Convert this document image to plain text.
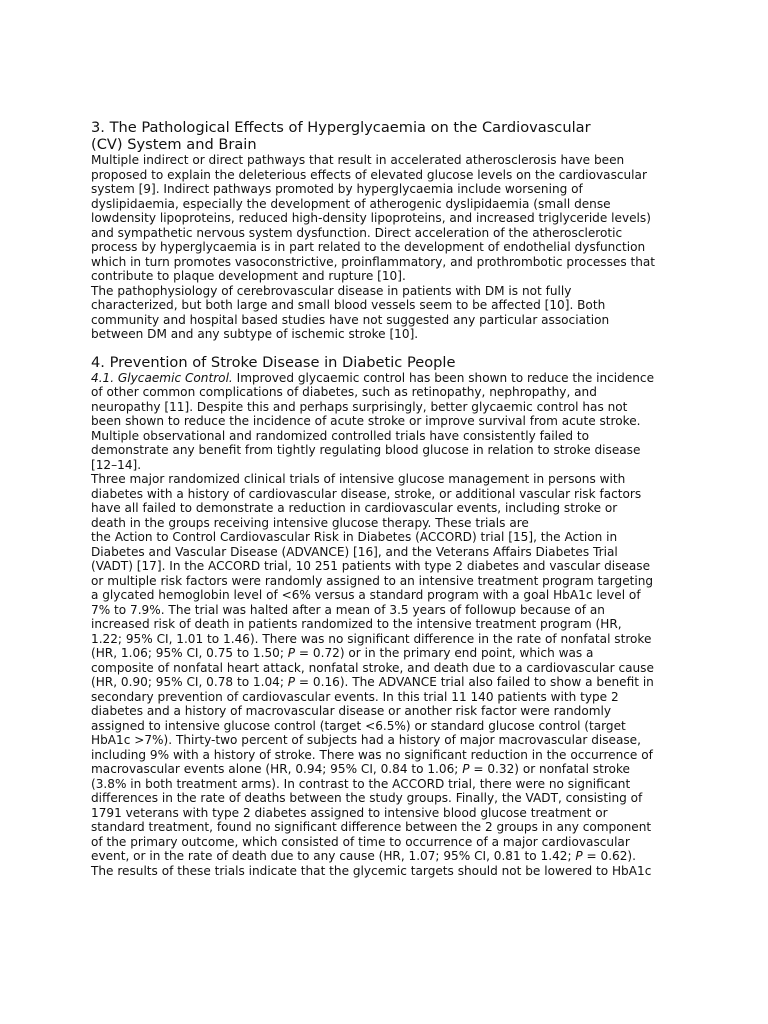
3. The Pathological Effects of Hyperglycaemia on the Cardiovascular
(CV) System and Brain

Multiple indirect or direct pathways that result in accelerated atherosclerosis have been
proposed to explain the deleterious effects of elevated glucose levels on the cardiovascular
system [9]. Indirect pathways promoted by hyperglycaemia include worsening of
dyslipidaemia, especially the development of atherogenic dyslipidaemia (small dense
lowdensity lipoproteins, reduced high-density lipoproteins, and increased triglyceride levels)
and sympathetic nervous system dysfunction. Direct acceleration of the atherosclerotic
process by hyperglycaemia is in part related to the development of endothelial dysfunction
which in turn promotes vasoconstrictive, proinflammatory, and prothrombotic processes that
contribute to plaque development and rupture [10].

The pathophysiology of cerebrovascular disease in patients with DM is not fully
characterized, but both large and small blood vessels seem to be affected [10]. Both
community and hospital based studies have not suggested any particular association
between DM and any subtype of ischemic stroke [10].

4. Prevention of Stroke Disease in Diabetic People

4.1. Glycaemic Control. Improved glycaemic control has been shown to reduce the incidence
of other common complications of diabetes, such as retinopathy, nephropathy, and
neuropathy [11]. Despite this and perhaps surprisingly, better glycaemic control has not
been shown to reduce the incidence of acute stroke or improve survival from acute stroke.
Multiple observational and randomized controlled trials have consistently failed to
demonstrate any benefit from tightly regulating blood glucose in relation to stroke disease
[12–14].

Three major randomized clinical trials of intensive glucose management in persons with
diabetes with a history of cardiovascular disease, stroke, or additional vascular risk factors
have all failed to demonstrate a reduction in cardiovascular events, including stroke or
death in the groups receiving intensive glucose therapy. These trials are
the Action to Control Cardiovascular Risk in Diabetes (ACCORD) trial [15], the Action in
Diabetes and Vascular Disease (ADVANCE) [16], and the Veterans Affairs Diabetes Trial
(VADT) [17]. In the ACCORD trial, 10 251 patients with type 2 diabetes and vascular disease
or multiple risk factors were randomly assigned to an intensive treatment program targeting
a glycated hemoglobin level of <6% versus a standard program with a goal HbA1c level of
7% to 7.9%. The trial was halted after a mean of 3.5 years of followup because of an
increased risk of death in patients randomized to the intensive treatment program (HR,
1.22; 95% CI, 1.01 to 1.46). There was no significant difference in the rate of nonfatal stroke
(HR, 1.06; 95% CI, 0.75 to 1.50; P = 0.72) or in the primary end point, which was a
composite of nonfatal heart attack, nonfatal stroke, and death due to a cardiovascular cause
(HR, 0.90; 95% CI, 0.78 to 1.04; P = 0.16). The ADVANCE trial also failed to show a benefit in
secondary prevention of cardiovascular events. In this trial 11 140 patients with type 2
diabetes and a history of macrovascular disease or another risk factor were randomly
assigned to intensive glucose control (target <6.5%) or standard glucose control (target
HbA1c >7%). Thirty-two percent of subjects had a history of major macrovascular disease,
including 9% with a history of stroke. There was no significant reduction in the occurrence of
macrovascular events alone (HR, 0.94; 95% CI, 0.84 to 1.06; P = 0.32) or nonfatal stroke
(3.8% in both treatment arms). In contrast to the ACCORD trial, there were no significant
differences in the rate of deaths between the study groups. Finally, the VADT, consisting of
1791 veterans with type 2 diabetes assigned to intensive blood glucose treatment or
standard treatment, found no significant difference between the 2 groups in any component
of the primary outcome, which consisted of time to occurrence of a major cardiovascular
event, or in the rate of death due to any cause (HR, 1.07; 95% CI, 0.81 to 1.42; P = 0.62).
The results of these trials indicate that the glycemic targets should not be lowered to HbA1c
